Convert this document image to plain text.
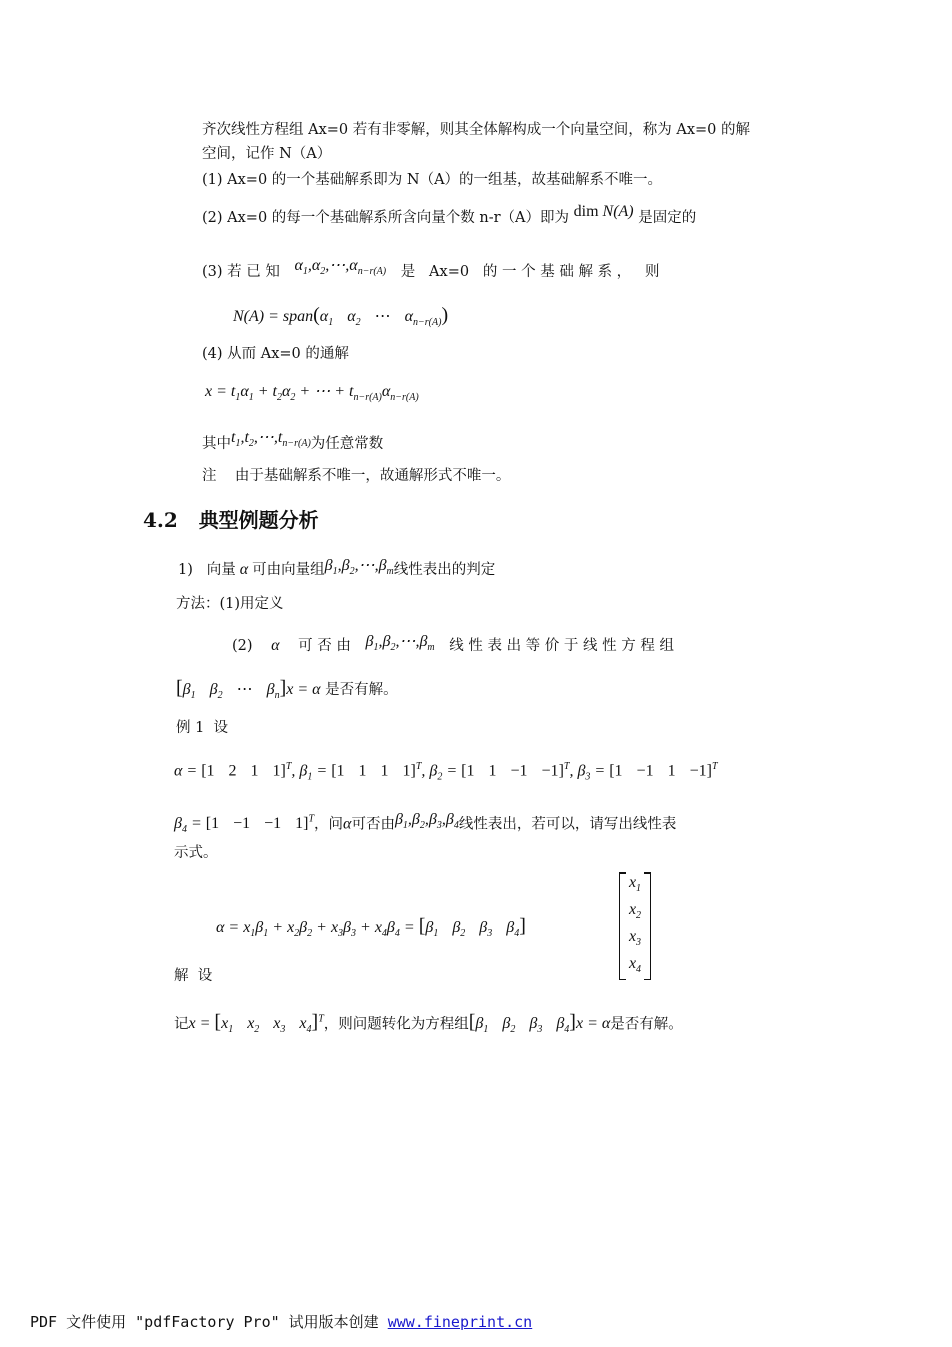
齐次线性方程组 Ax=0 若有非零解，则其全体解构成一个向量空间，称为 Ax=0 的解
空间，记作 N（A）
(1) Ax=0 的一个基础解系即为 N（A）的一组基，故基础解系不唯一。
(2) Ax=0 的每一个基础解系所含向量个数 n-r（A）即为 dim N(A) 是固定的
(3) 若 已 知 $\alpha_1,\alpha_2,\cdots,\alpha_{n-r(A)}$ 是   Ax=0   的 一 个 基 础 解 系 ，   则
$N(A) = span(\alpha_1$ $\alpha_2$ ⋯ $\alpha_{n-r(A)}$)
(4) 从而 Ax=0 的通解
$x = t_1\alpha_1 + t_2\alpha_2$ + ⋯ + $t_{n-r(A)}\alpha_{n-r(A)}$
其中$t_1,t_2,\cdots,t_{n-r(A)}$为任意常数
注    由于基础解系不唯一，故通解形式不唯一。
4.2 典型例题分析
1)   向量 α 可由向量组$\beta_1,\beta_2,\cdots,\beta_m$线性表出的判定
方法：(1)用定义
(2) α 可 否 由 $\beta_1,\beta_2,\cdots,\beta_m$ 线 性 表 出 等 价 于 线 性 方 程 组
[$\beta_1$ $\beta_2$ ⋯ $\beta_n]x = \alpha$ 是否有解。
例 1  设
α = [1 2 1 1]$^T$, $\beta_1 = [1$ 1 1 1]$^T$, $\beta_2 = [1$ 1 −1 −1]$^T$, $\beta_3 = [1 -1$ 1 −1]$^T$
$\beta_4 = [1 -1 -1$ 1]$^T$，问α可否由$\beta_1,\beta_2,\beta_3,\beta_4$线性表出，若可以，请写出线性表
示式。
$\alpha = x_1\beta_1 + x_2\beta_2 + x_3\beta_3 + x_4\beta_4 = [\beta_1$ $\beta_2$ $\beta_3$ $\beta_4$]
$x_1$
$x_2$
$x_3$
$x_4$
解  设
记$x = [x_1$ $x_2$ $x_3$ $x_4]^T$，则问题转化为方程组[$\beta_1$ $\beta_2$ $\beta_3$ $\beta_4]x = \alpha$是否有解。
PDF 文件使用 "pdfFactory Pro" 试用版本创建 www.fineprint.cn
